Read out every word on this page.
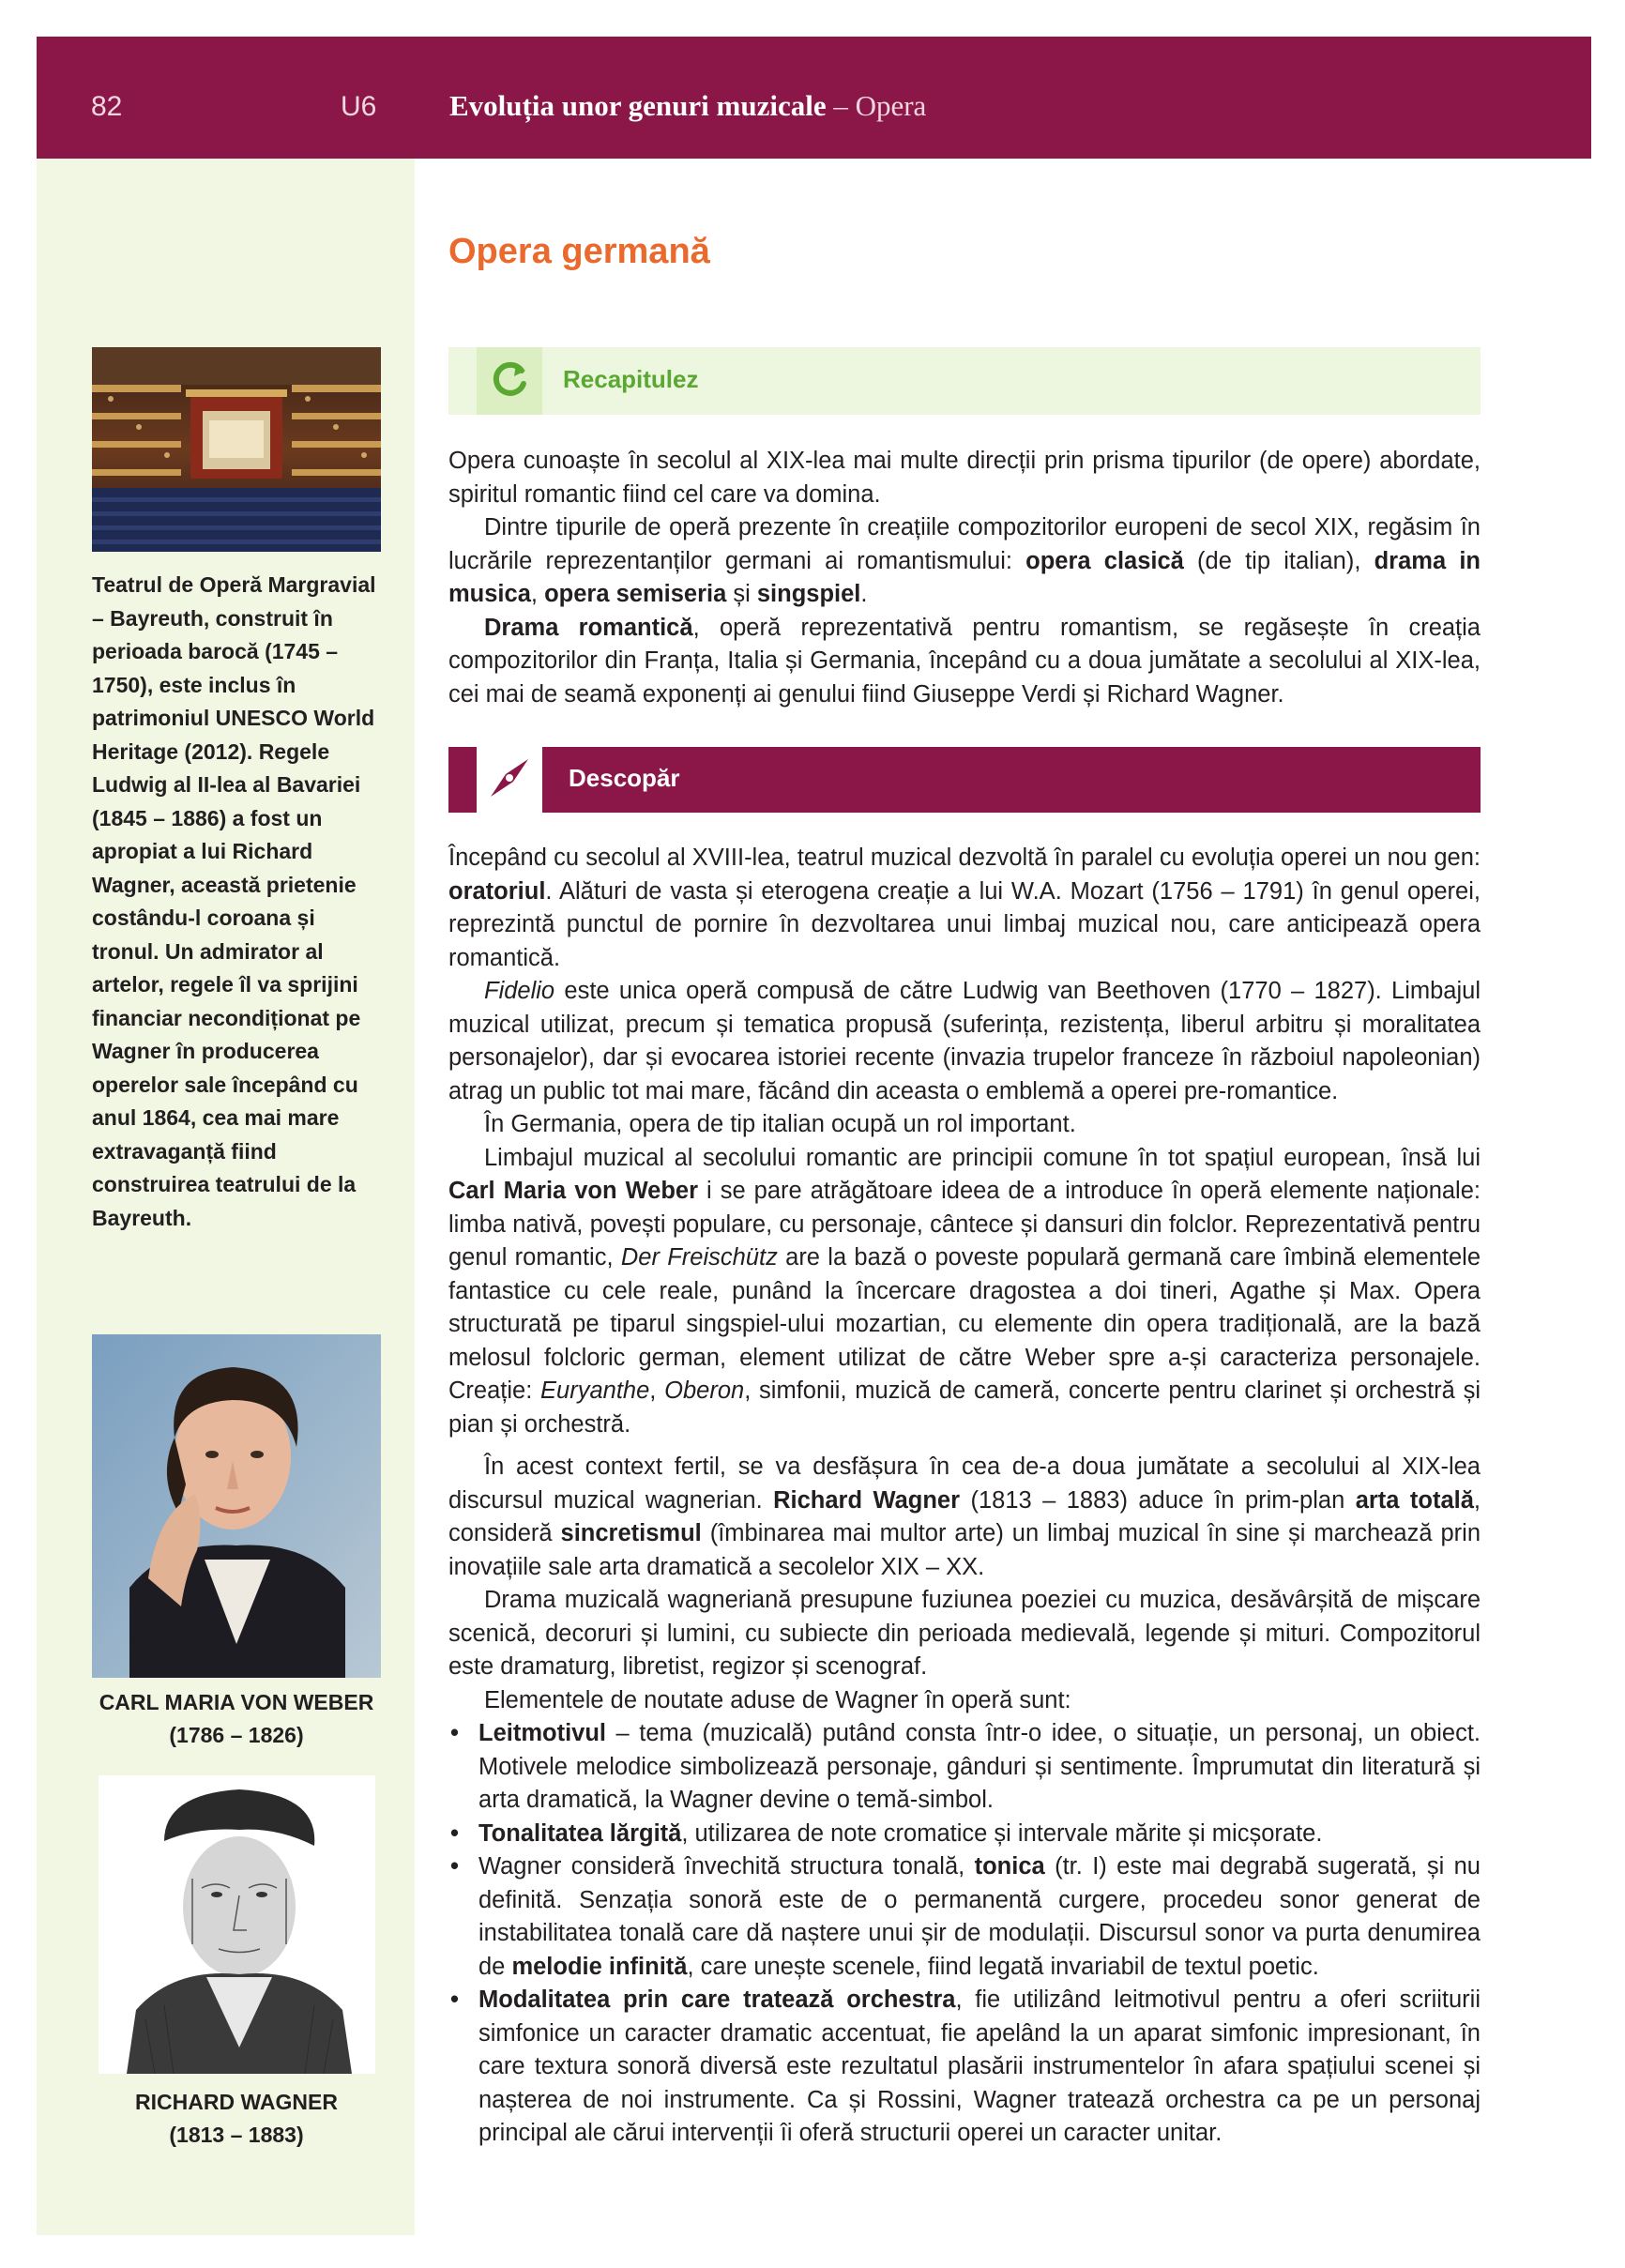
82	U6	Evoluția unor genuri muzicale – Opera
Teatrul de Operă Margravial – Bayreuth, construit în perioada barocă (1745 – 1750), este inclus în patrimoniul UNESCO World Heritage (2012). Regele Ludwig al II-lea al Bavariei (1845 – 1886) a fost un apropiat a lui Richard Wagner, această prietenie costându-l coroana și tronul. Un admirator al artelor, regele îl va sprijini financiar necondiționat pe Wagner în producerea operelor sale începând cu anul 1864, cea mai mare extravaganță fiind construirea teatrului de la Bayreuth.
CARL MARIA VON WEBER
(1786 – 1826)
RICHARD WAGNER
(1813 – 1883)
Opera germană
Recapitulez

Opera cunoaște în secolul al XIX-lea mai multe direcții prin prisma tipurilor (de opere) abordate, spiritul romantic fiind cel care va domina.

Dintre tipurile de operă prezente în creațiile compozitorilor europeni de secol XIX, regăsim în lucrările reprezentanților germani ai romantismului: opera clasică (de tip italian), drama in musica, opera semiseria și singspiel.

Drama romantică, operă reprezentativă pentru romantism, se regăsește în creația compozitorilor din Franța, Italia și Germania, începând cu a doua jumătate a secolului al XIX-lea, cei mai de seamă exponenți ai genului fiind Giuseppe Verdi și Richard Wagner.

Descopăr

Începând cu secolul al XVIII-lea, teatrul muzical dezvoltă în paralel cu evoluția operei un nou gen: oratoriul. Alături de vasta și eterogena creație a lui W.A. Mozart (1756 – 1791) în genul operei, reprezintă punctul de pornire în dezvoltarea unui limbaj muzical nou, care anticipează opera romantică.

Fidelio este unica operă compusă de către Ludwig van Beethoven (1770 – 1827). Limbajul muzical utilizat, precum și tematica propusă (suferința, rezistența, liberul arbitru și moralitatea personajelor), dar și evocarea istoriei recente (invazia trupelor franceze în războiul napoleonian) atrag un public tot mai mare, făcând din aceasta o emblemă a operei pre-romantice.

În Germania, opera de tip italian ocupă un rol important.

Limbajul muzical al secolului romantic are principii comune în tot spațiul european, însă lui Carl Maria von Weber i se pare atrăgătoare ideea de a introduce în operă elemente naționale: limba nativă, povești populare, cu personaje, cântece și dansuri din folclor. Reprezentativă pentru genul romantic, Der Freischütz are la bază o poveste populară germană care îmbină elementele fantastice cu cele reale, punând la încercare dragostea a doi tineri, Agathe și Max. Opera structurată pe tiparul singspiel-ului mozartian, cu elemente din opera tradițională, are la bază melosul folcloric german, element utilizat de către Weber spre a-și caracteriza personajele. Creație: Euryanthe, Oberon, simfonii, muzică de cameră, concerte pentru clarinet și orchestră și pian și orchestră.

În acest context fertil, se va desfășura în cea de-a doua jumătate a secolului al XIX-lea discursul muzical wagnerian. Richard Wagner (1813 – 1883) aduce în prim-plan arta totală, consideră sincretismul (îmbinarea mai multor arte) un limbaj muzical în sine și marchează prin inovațiile sale arta dramatică a secolelor XIX – XX.

Drama muzicală wagneriană presupune fuziunea poeziei cu muzica, desăvârșită de mișcare scenică, decoruri și lumini, cu subiecte din perioada medievală, legende și mituri. Compozitorul este dramaturg, libretist, regizor și scenograf.

Elementele de noutate aduse de Wagner în operă sunt:

• Leitmotivul – tema (muzicală) putând consta într-o idee, o situație, un personaj, un obiect. Motivele melodice simbolizează personaje, gânduri și sentimente. Împrumutat din literatură și arta dramatică, la Wagner devine o temă-simbol.
• Tonalitatea lărgită, utilizarea de note cromatice și intervale mărite și micșorate.
• Wagner consideră învechită structura tonală, tonica (tr. I) este mai degrabă sugerată, și nu definită. Senzația sonoră este de o permanentă curgere, procedeu sonor generat de instabilitatea tonală care dă naștere unui șir de modulații. Discursul sonor va purta denumirea de melodie infinită, care unește scenele, fiind legată invariabil de textul poetic.
• Modalitatea prin care tratează orchestra, fie utilizând leitmotivul pentru a oferi scriiturii simfonice un caracter dramatic accentuat, fie apelând la un aparat simfonic impresionant, în care textura sonoră diversă este rezultatul plasării instrumentelor în afara spațiului scenei și nașterea de noi instrumente. Ca și Rossini, Wagner tratează orchestra ca pe un personaj principal ale cărui intervenții îi oferă structurii operei un caracter unitar.
